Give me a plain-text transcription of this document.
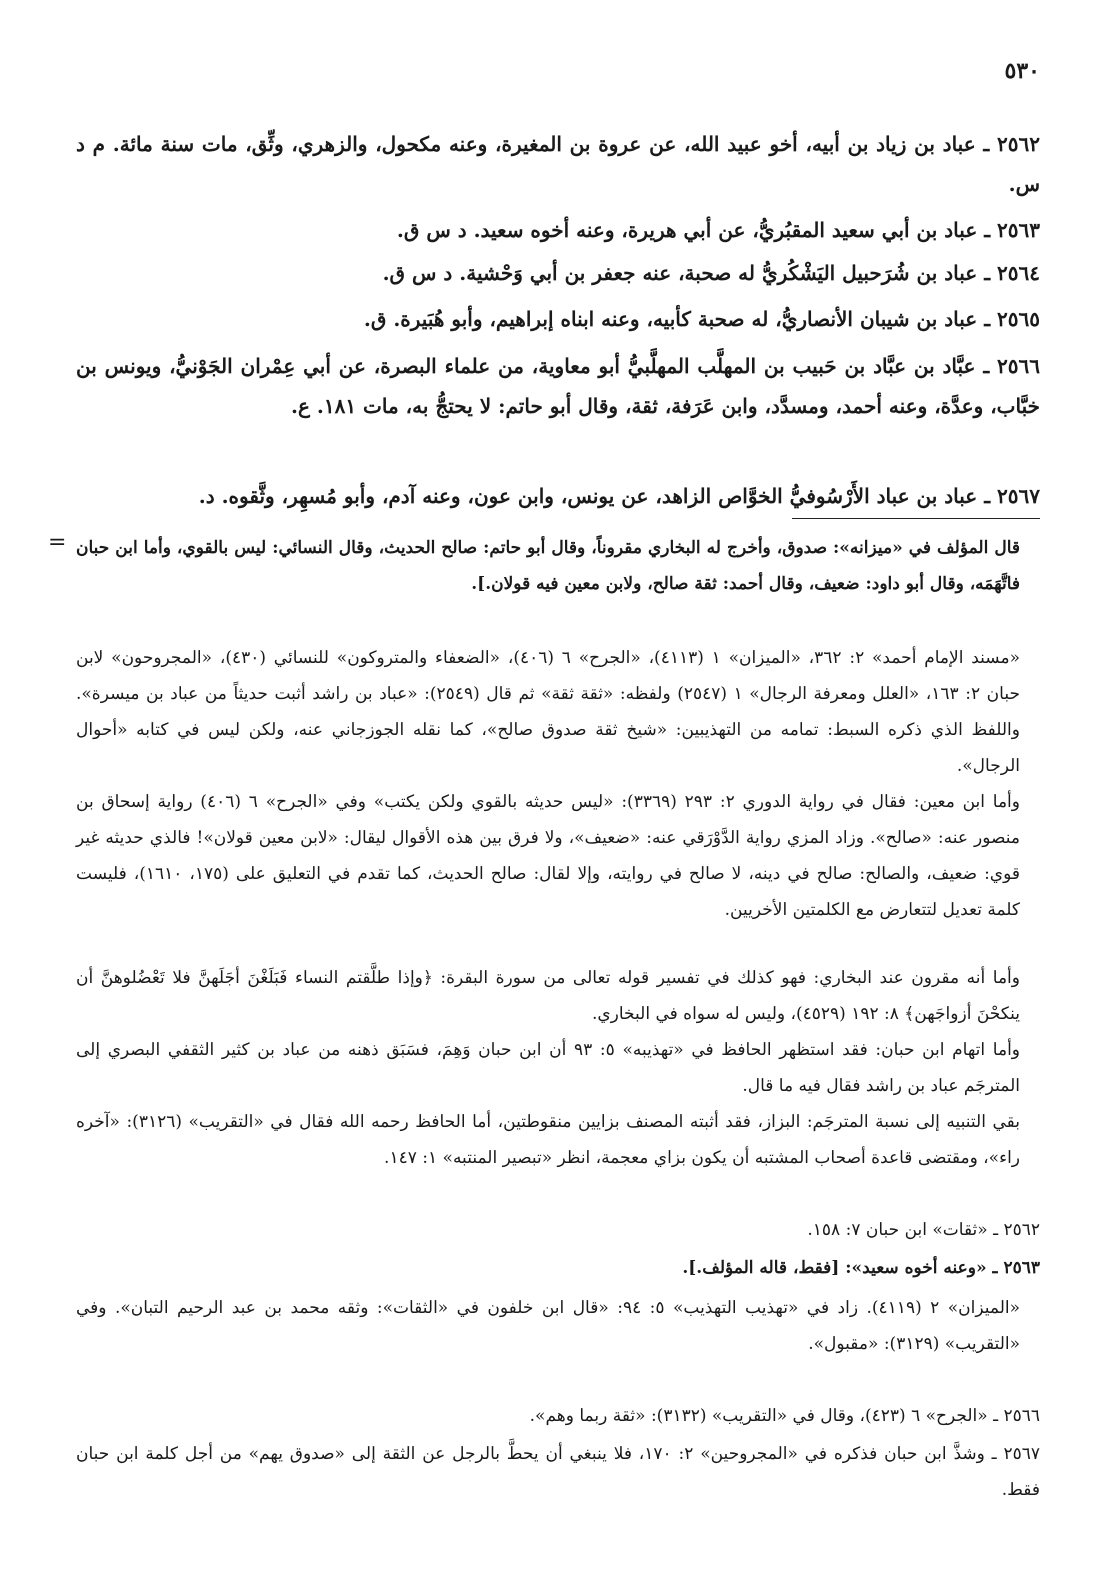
٥٣٠
٢٥٦٢ ـ عباد بن زياد بن أبيه، أخو عبيد الله، عن عروة بن المغيرة، وعنه مكحول، والزهري، وثِّق، مات سنة مائة. م د س.
٢٥٦٣ ـ عباد بن أبي سعيد المقبُريُّ، عن أبي هريرة، وعنه أخوه سعيد. د س ق.
٢٥٦٤ ـ عباد بن شُرَحبيل اليَشْكُريُّ له صحبة، عنه جعفر بن أبي وَحْشية. د س ق.
٢٥٦٥ ـ عباد بن شيبان الأنصاريُّ، له صحبة كأبيه، وعنه ابناه إبراهيم، وأبو هُبَيرة. ق.
٢٥٦٦ ـ عبَّاد بن عبَّاد بن حَبيب بن المهلَّب المهلَّبيُّ أبو معاوية، من علماء البصرة، عن أبي عِمْران الجَوْنيُّ، ويونس بن خبَّاب، وعدَّة، وعنه أحمد، ومسدَّد، وابن عَرَفة، ثقة، وقال أبو حاتم: لا يحتجُّ به، مات ١٨١. ع.
٢٥٦٧ ـ عباد بن عباد الأَرْسُوفيُّ الخوَّاص الزاهد، عن يونس، وابن عون، وعنه آدم، وأبو مُسهِر، وثَّقوه. د.
= قال المؤلف في «ميزانه»: صدوق، وأخرج له البخاري مقروناً، وقال أبو حاتم: صالح الحديث، وقال النسائي: ليس بالقوي، وأما ابن حبان فاتَّهَمَه، وقال أبو داود: ضعيف، وقال أحمد: ثقة صالح، ولابن معين فيه قولان.].
«مسند الإمام أحمد» ٢: ٣٦٢، «الميزان» ١ (٤١١٣)، «الجرح» ٦ (٤٠٦)، «الضعفاء والمتروكون» للنسائي (٤٣٠)، «المجروحون» لابن حبان ٢: ١٦٣، «العلل ومعرفة الرجال» ١ (٢٥٤٧) ولفظه: «ثقة ثقة» ثم قال (٢٥٤٩): «عباد بن راشد أثبت حديثاً من عباد بن ميسرة». واللفظ الذي ذكره السبط: تمامه من التهذيبين: «شيخ ثقة صدوق صالح»، كما نقله الجوزجاني عنه، ولكن ليس في كتابه «أحوال الرجال».
وأما ابن معين: فقال في رواية الدوري ٢: ٢٩٣ (٣٣٦٩): «ليس حديثه بالقوي ولكن يكتب» وفي «الجرح» ٦ (٤٠٦) رواية إسحاق بن منصور عنه: «صالح». وزاد المزي رواية الدَّوْرَقي عنه: «ضعيف»، ولا فرق بين هذه الأقوال ليقال: «لابن معين قولان»! فالذي حديثه غير قوي: ضعيف، والصالح: صالح في دينه، لا صالح في روايته، وإلا لقال: صالح الحديث، كما تقدم في التعليق على (١٧٥، ١٦١٠)، فليست كلمة تعديل لتتعارض مع الكلمتين الأخريين.
وأما أنه مقرون عند البخاري: فهو كذلك في تفسير قوله تعالى من سورة البقرة: ﴿وإذا طلَّقتم النساء فَبَلَغْنَ أجَلَهنَّ فلا تَعْضُلوهنَّ أن ينكحْنَ أزواجَهن﴾ ٨: ١٩٢ (٤٥٢٩)، وليس له سواه في البخاري.
وأما اتهام ابن حبان: فقد استظهر الحافظ في «تهذيبه» ٥: ٩٣ أن ابن حبان وَهِمَ، فسَبَق ذهنه من عباد بن كثير الثقفي البصري إلى المترجَم عباد بن راشد فقال فيه ما قال.
بقي التنبيه إلى نسبة المترجَم: البزاز، فقد أثبته المصنف بزايين منقوطتين، أما الحافظ رحمه الله فقال في «التقريب» (٣١٢٦): «آخره راء»، ومقتضى قاعدة أصحاب المشتبه أن يكون بزاي معجمة، انظر «تبصير المنتبه» ١: ١٤٧.
٢٥٦٢ ـ «ثقات» ابن حبان ٧: ١٥٨.
٢٥٦٣ ـ «وعنه أخوه سعيد»: [فقط، قاله المؤلف.].
«الميزان» ٢ (٤١١٩). زاد في «تهذيب التهذيب» ٥: ٩٤: «قال ابن خلفون في «الثقات»: وثقه محمد بن عبد الرحيم التبان». وفي «التقريب» (٣١٢٩): «مقبول».
٢٥٦٦ ـ «الجرح» ٦ (٤٢٣)، وقال في «التقريب» (٣١٣٢): «ثقة ربما وهم».
٢٥٦٧ ـ وشذَّ ابن حبان فذكره في «المجروحين» ٢: ١٧٠، فلا ينبغي أن يحطَّ بالرجل عن الثقة إلى «صدوق يهم» من أجل كلمة ابن حبان فقط.
